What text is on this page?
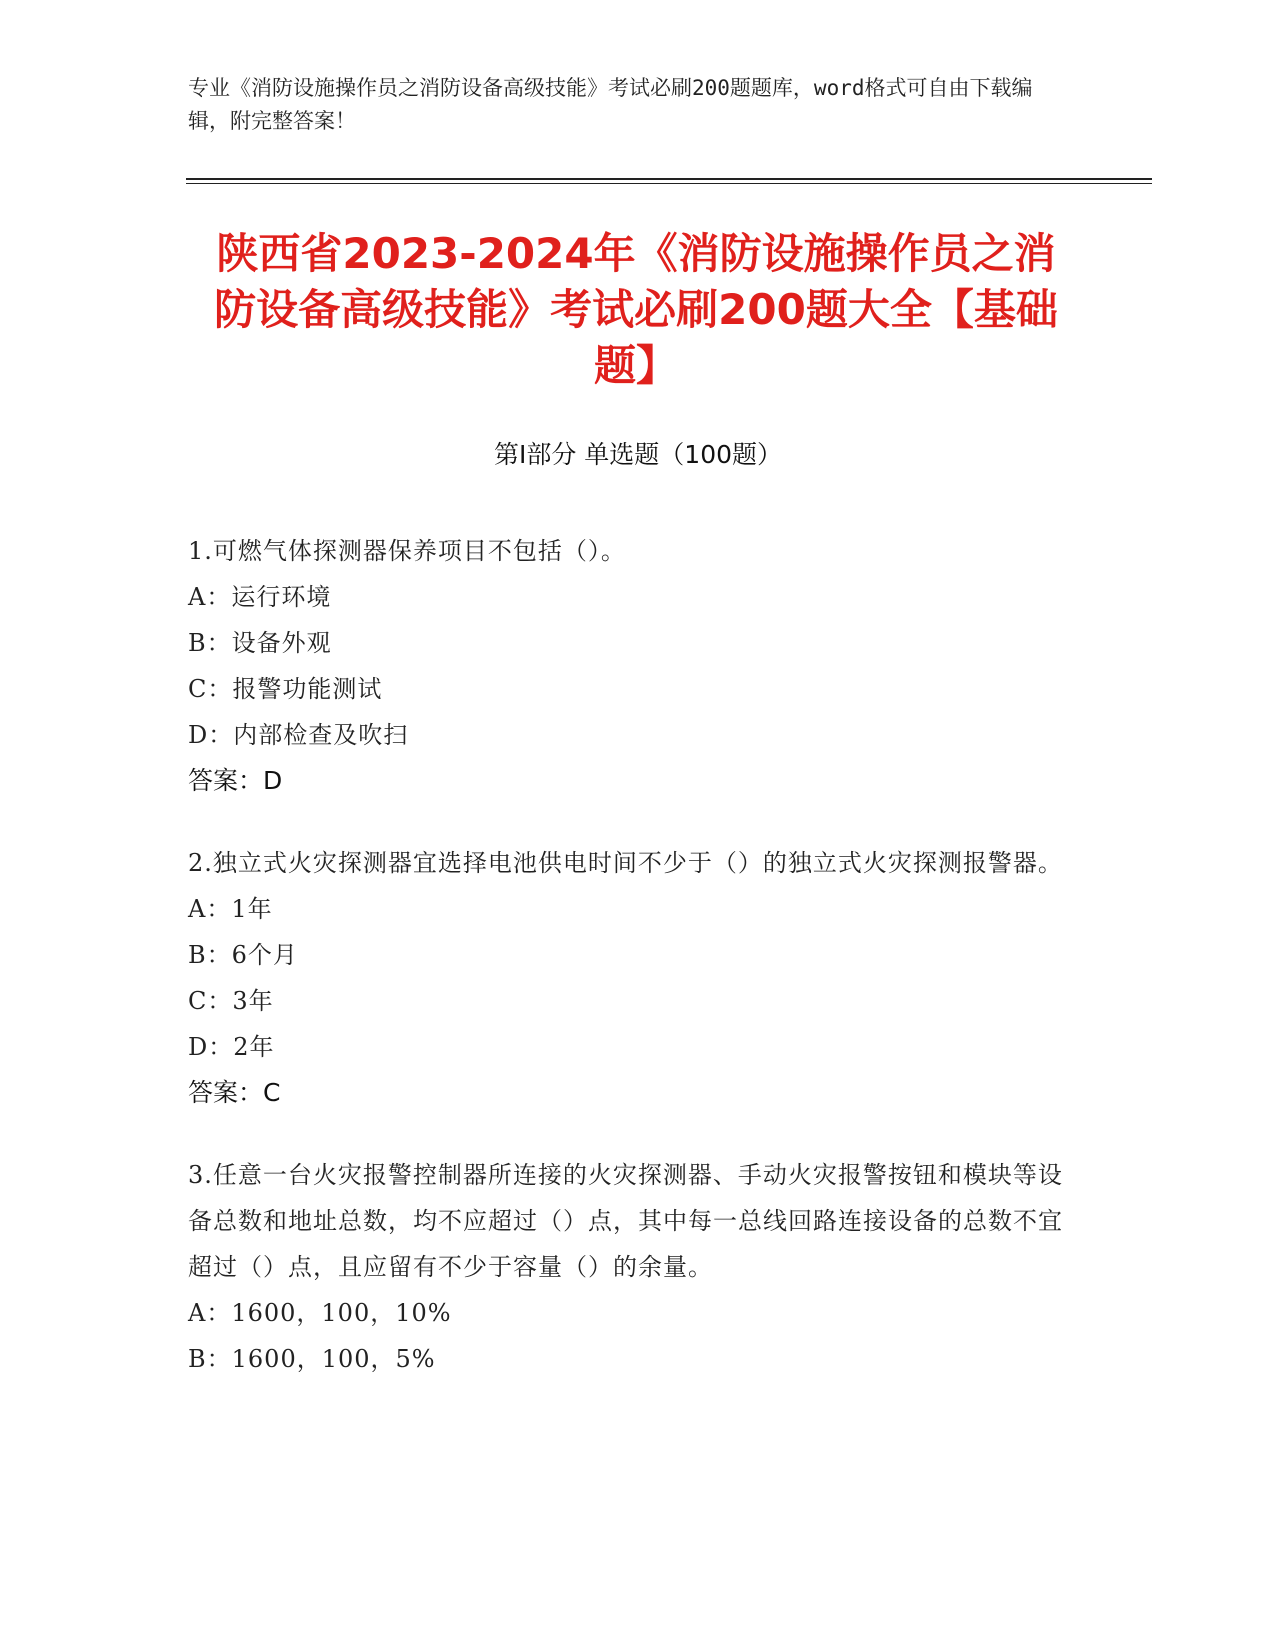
专业《消防设施操作员之消防设备高级技能》考试必刷200题题库，word格式可自由下载编辑，附完整答案！
陕西省2023-2024年《消防设施操作员之消防设备高级技能》考试必刷200题大全【基础题】
第I部分 单选题（100题）

1.可燃气体探测器保养项目不包括（）。

A：运行环境

B：设备外观

C：报警功能测试

D：内部检查及吹扫

答案：D

2.独立式火灾探测器宜选择电池供电时间不少于（）的独立式火灾探测报警器。

A：1年

B：6个月

C：3年

D：2年

答案：C

3.任意一台火灾报警控制器所连接的火灾探测器、手动火灾报警按钮和模块等设备总数和地址总数，均不应超过（）点，其中每一总线回路连接设备的总数不宜超过（）点，且应留有不少于容量（）的余量。

A：1600，100，10%

B：1600，100，5%
